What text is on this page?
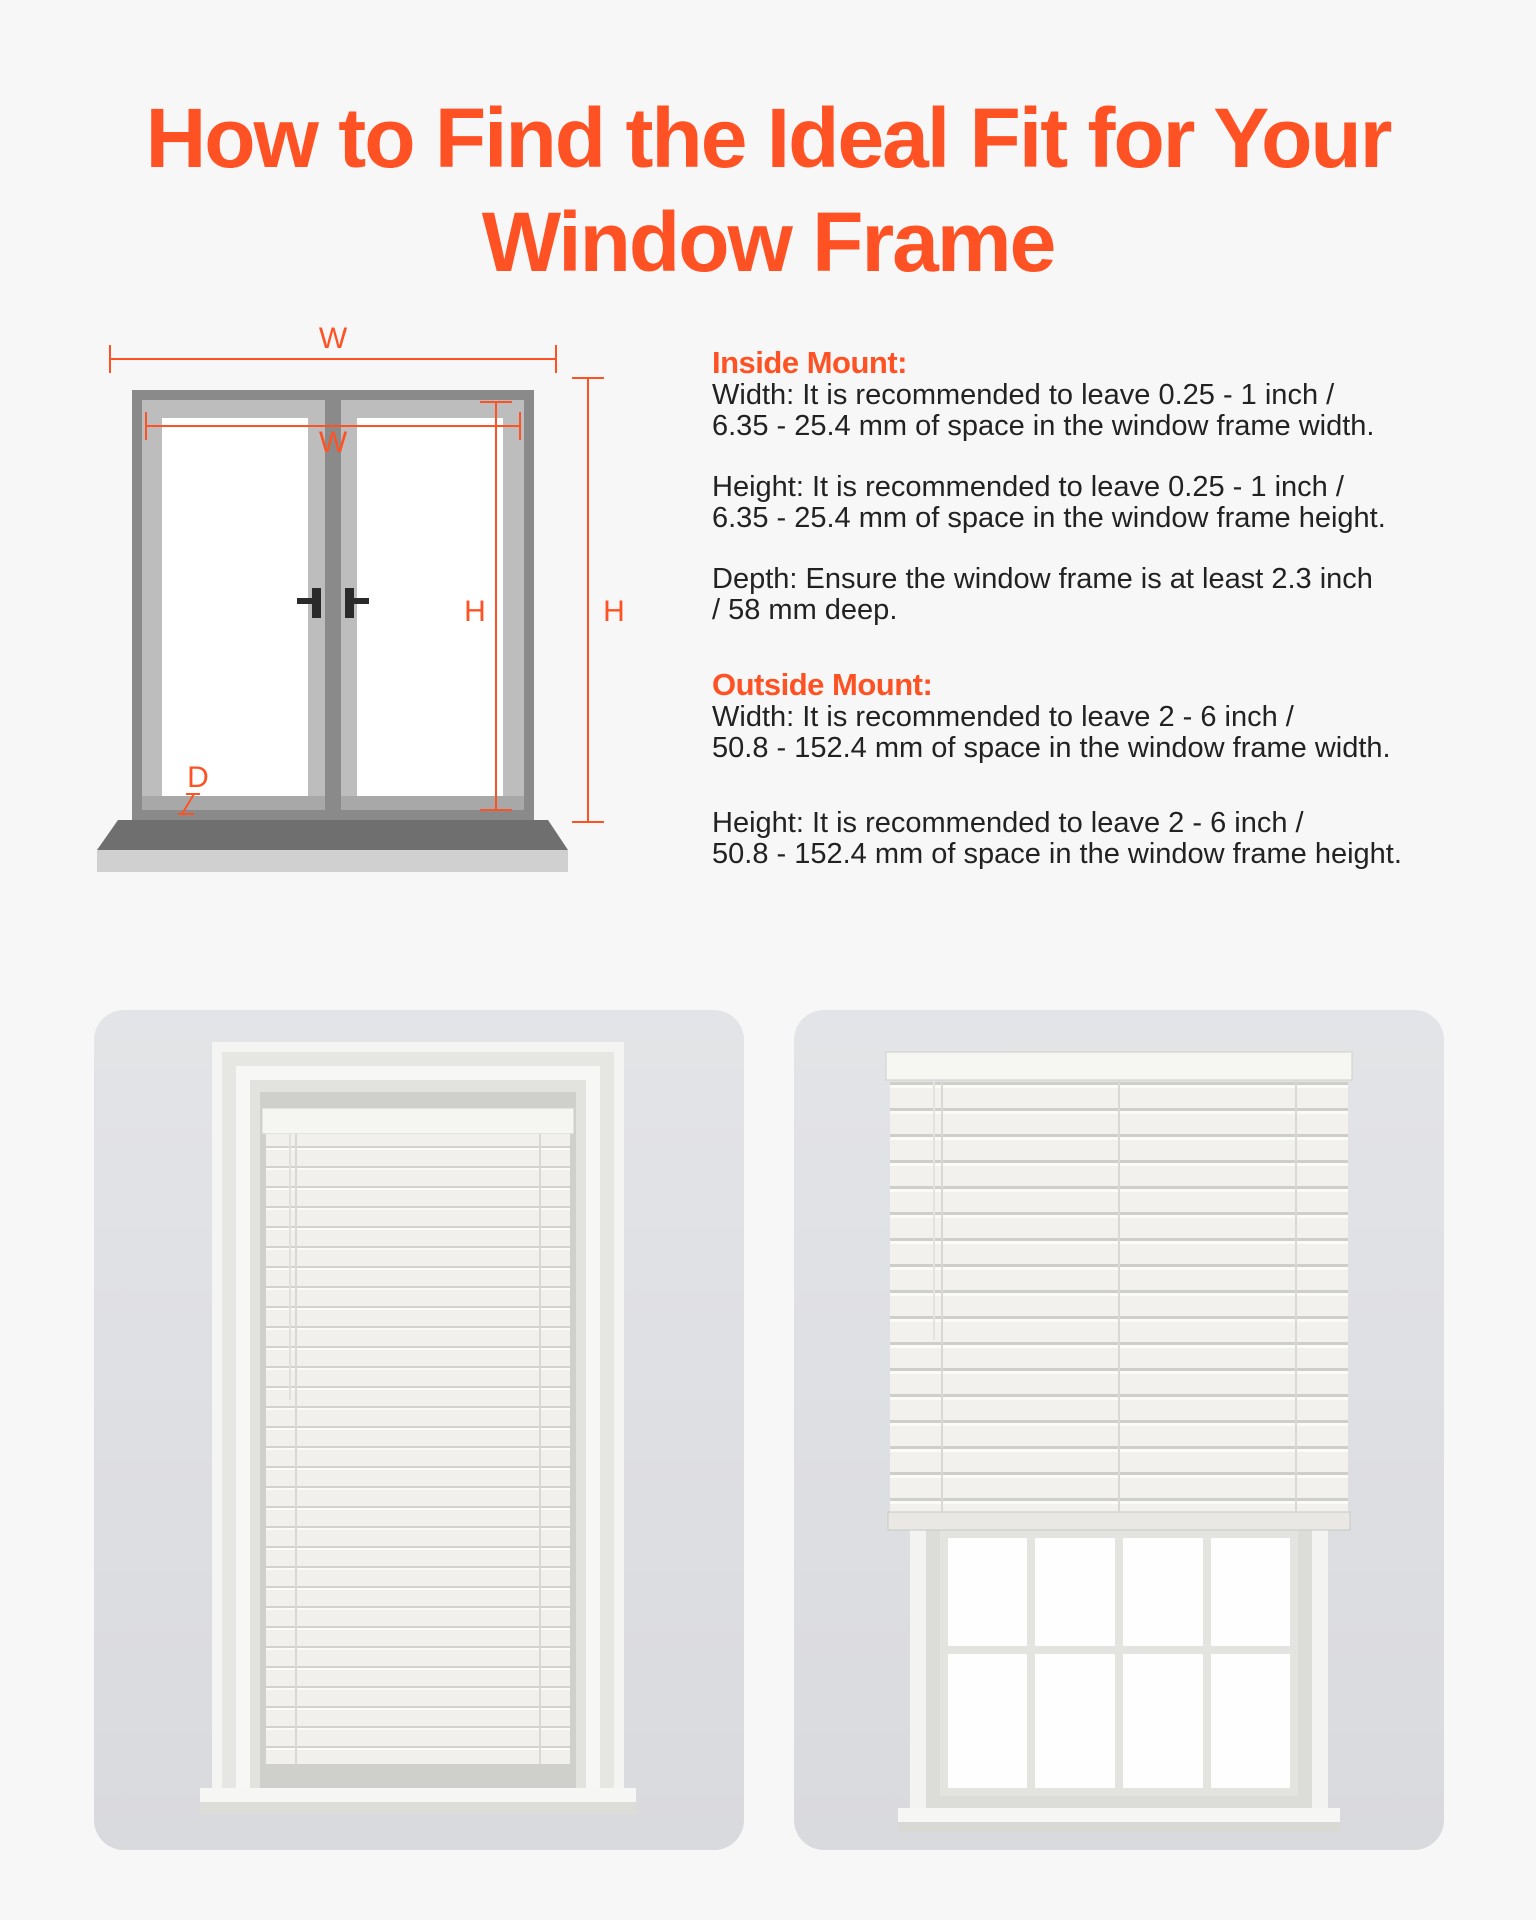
How to Find the Ideal Fit for Your
Window Frame
W
W
H	H
D
Inside Mount:

Width: It is recommended to leave 0.25 - 1 inch /
6.35 - 25.4 mm of space in the window frame width.

Height: It is recommended to leave 0.25 - 1 inch /
6.35 - 25.4 mm of space in the window frame height.

Depth: Ensure the window frame is at least 2.3 inch
/ 58 mm deep.

Outside Mount:

Width: It is recommended to leave 2 - 6 inch /
50.8 - 152.4 mm of space in the window frame width.

Height: It is recommended to leave 2 - 6 inch /
50.8 - 152.4 mm of space in the window frame height.
